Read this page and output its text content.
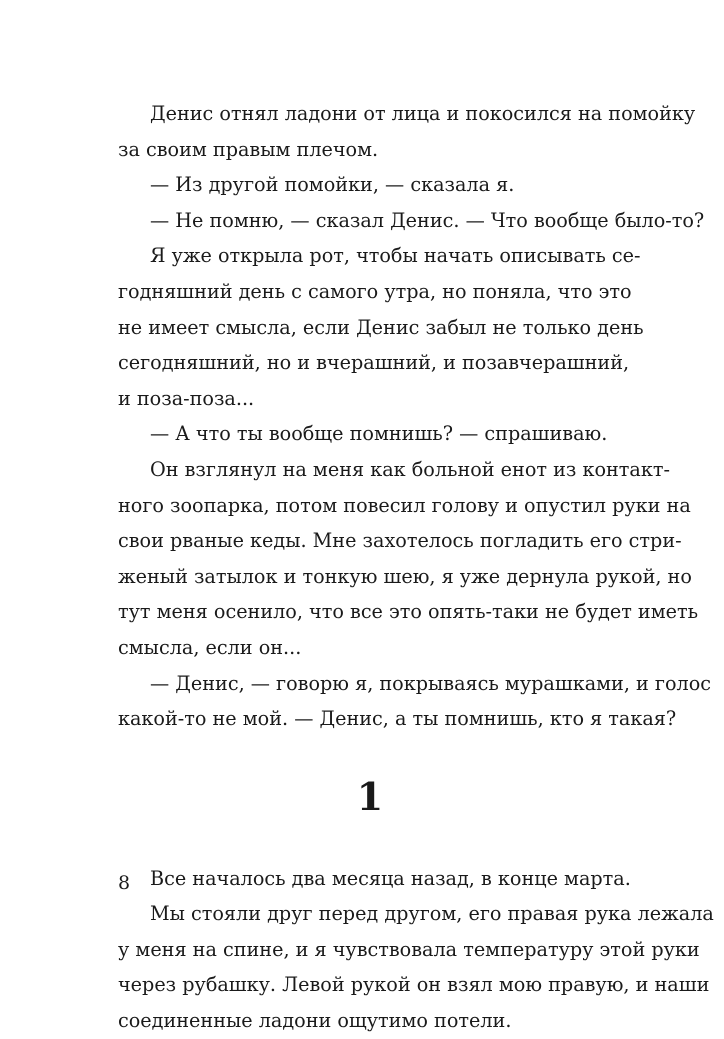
Денис отнял ладони от лица и покосился на помойку
за своим правым плечом.
— Из другой помойки, — сказала я.
— Не помню, — сказал Денис. — Что вообще было-то?
Я уже открыла рот, чтобы начать описывать се-
годняшний день с самого утра, но поняла, что это
не имеет смысла, если Денис забыл не только день
сегодняшний, но и вчерашний, и позавчерашний,
и поза-поза...
— А что ты вообще помнишь? — спрашиваю.
Он взглянул на меня как больной енот из контакт-
ного зоопарка, потом повесил голову и опустил руки на
свои рваные кеды. Мне захотелось погладить его стри-
женый затылок и тонкую шею, я уже дернула рукой, но
тут меня осенило, что все это опять-таки не будет иметь
смысла, если он...
— Денис, — говорю я, покрываясь мурашками, и голос
какой-то не мой. — Денис, а ты помнишь, кто я такая?
1
Все началось два месяца назад, в конце марта.
Мы стояли друг перед другом, его правая рука лежала
у меня на спине, и я чувствовала температуру этой руки
через рубашку. Левой рукой он взял мою правую, и наши
соединенные ладони ощутимо потели.
8
